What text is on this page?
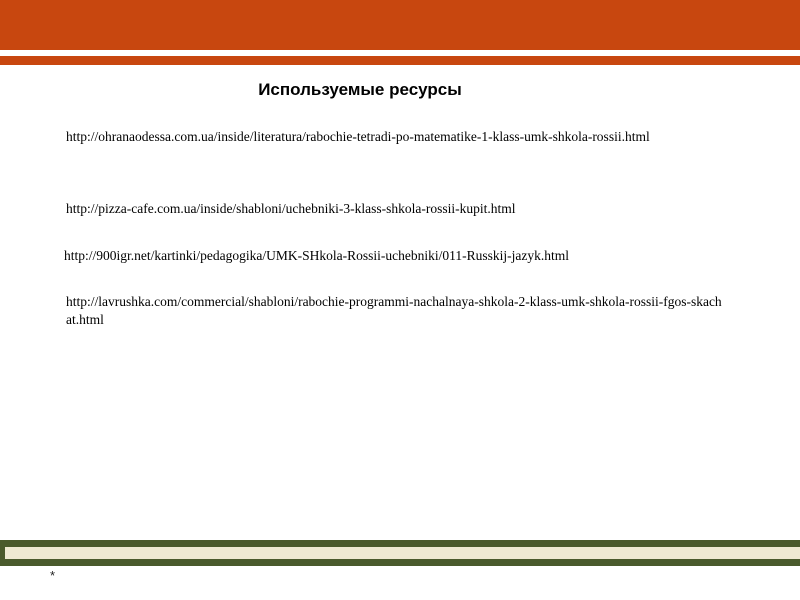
Используемые ресурсы
http://ohranaodessa.com.ua/inside/literatura/rabochie-tetradi-po-matematike-1-klass-umk-shkola-rossii.html
http://pizza-cafe.com.ua/inside/shabloni/uchebniki-3-klass-shkola-rossii-kupit.html
http://900igr.net/kartinki/pedagogika/UMK-SHkola-Rossii-uchebniki/011-Russkij-jazyk.html
http://lavrushka.com/commercial/shabloni/rabochie-programmi-nachalnaya-shkola-2-klass-umk-shkola-rossii-fgos-skachat.html
*
